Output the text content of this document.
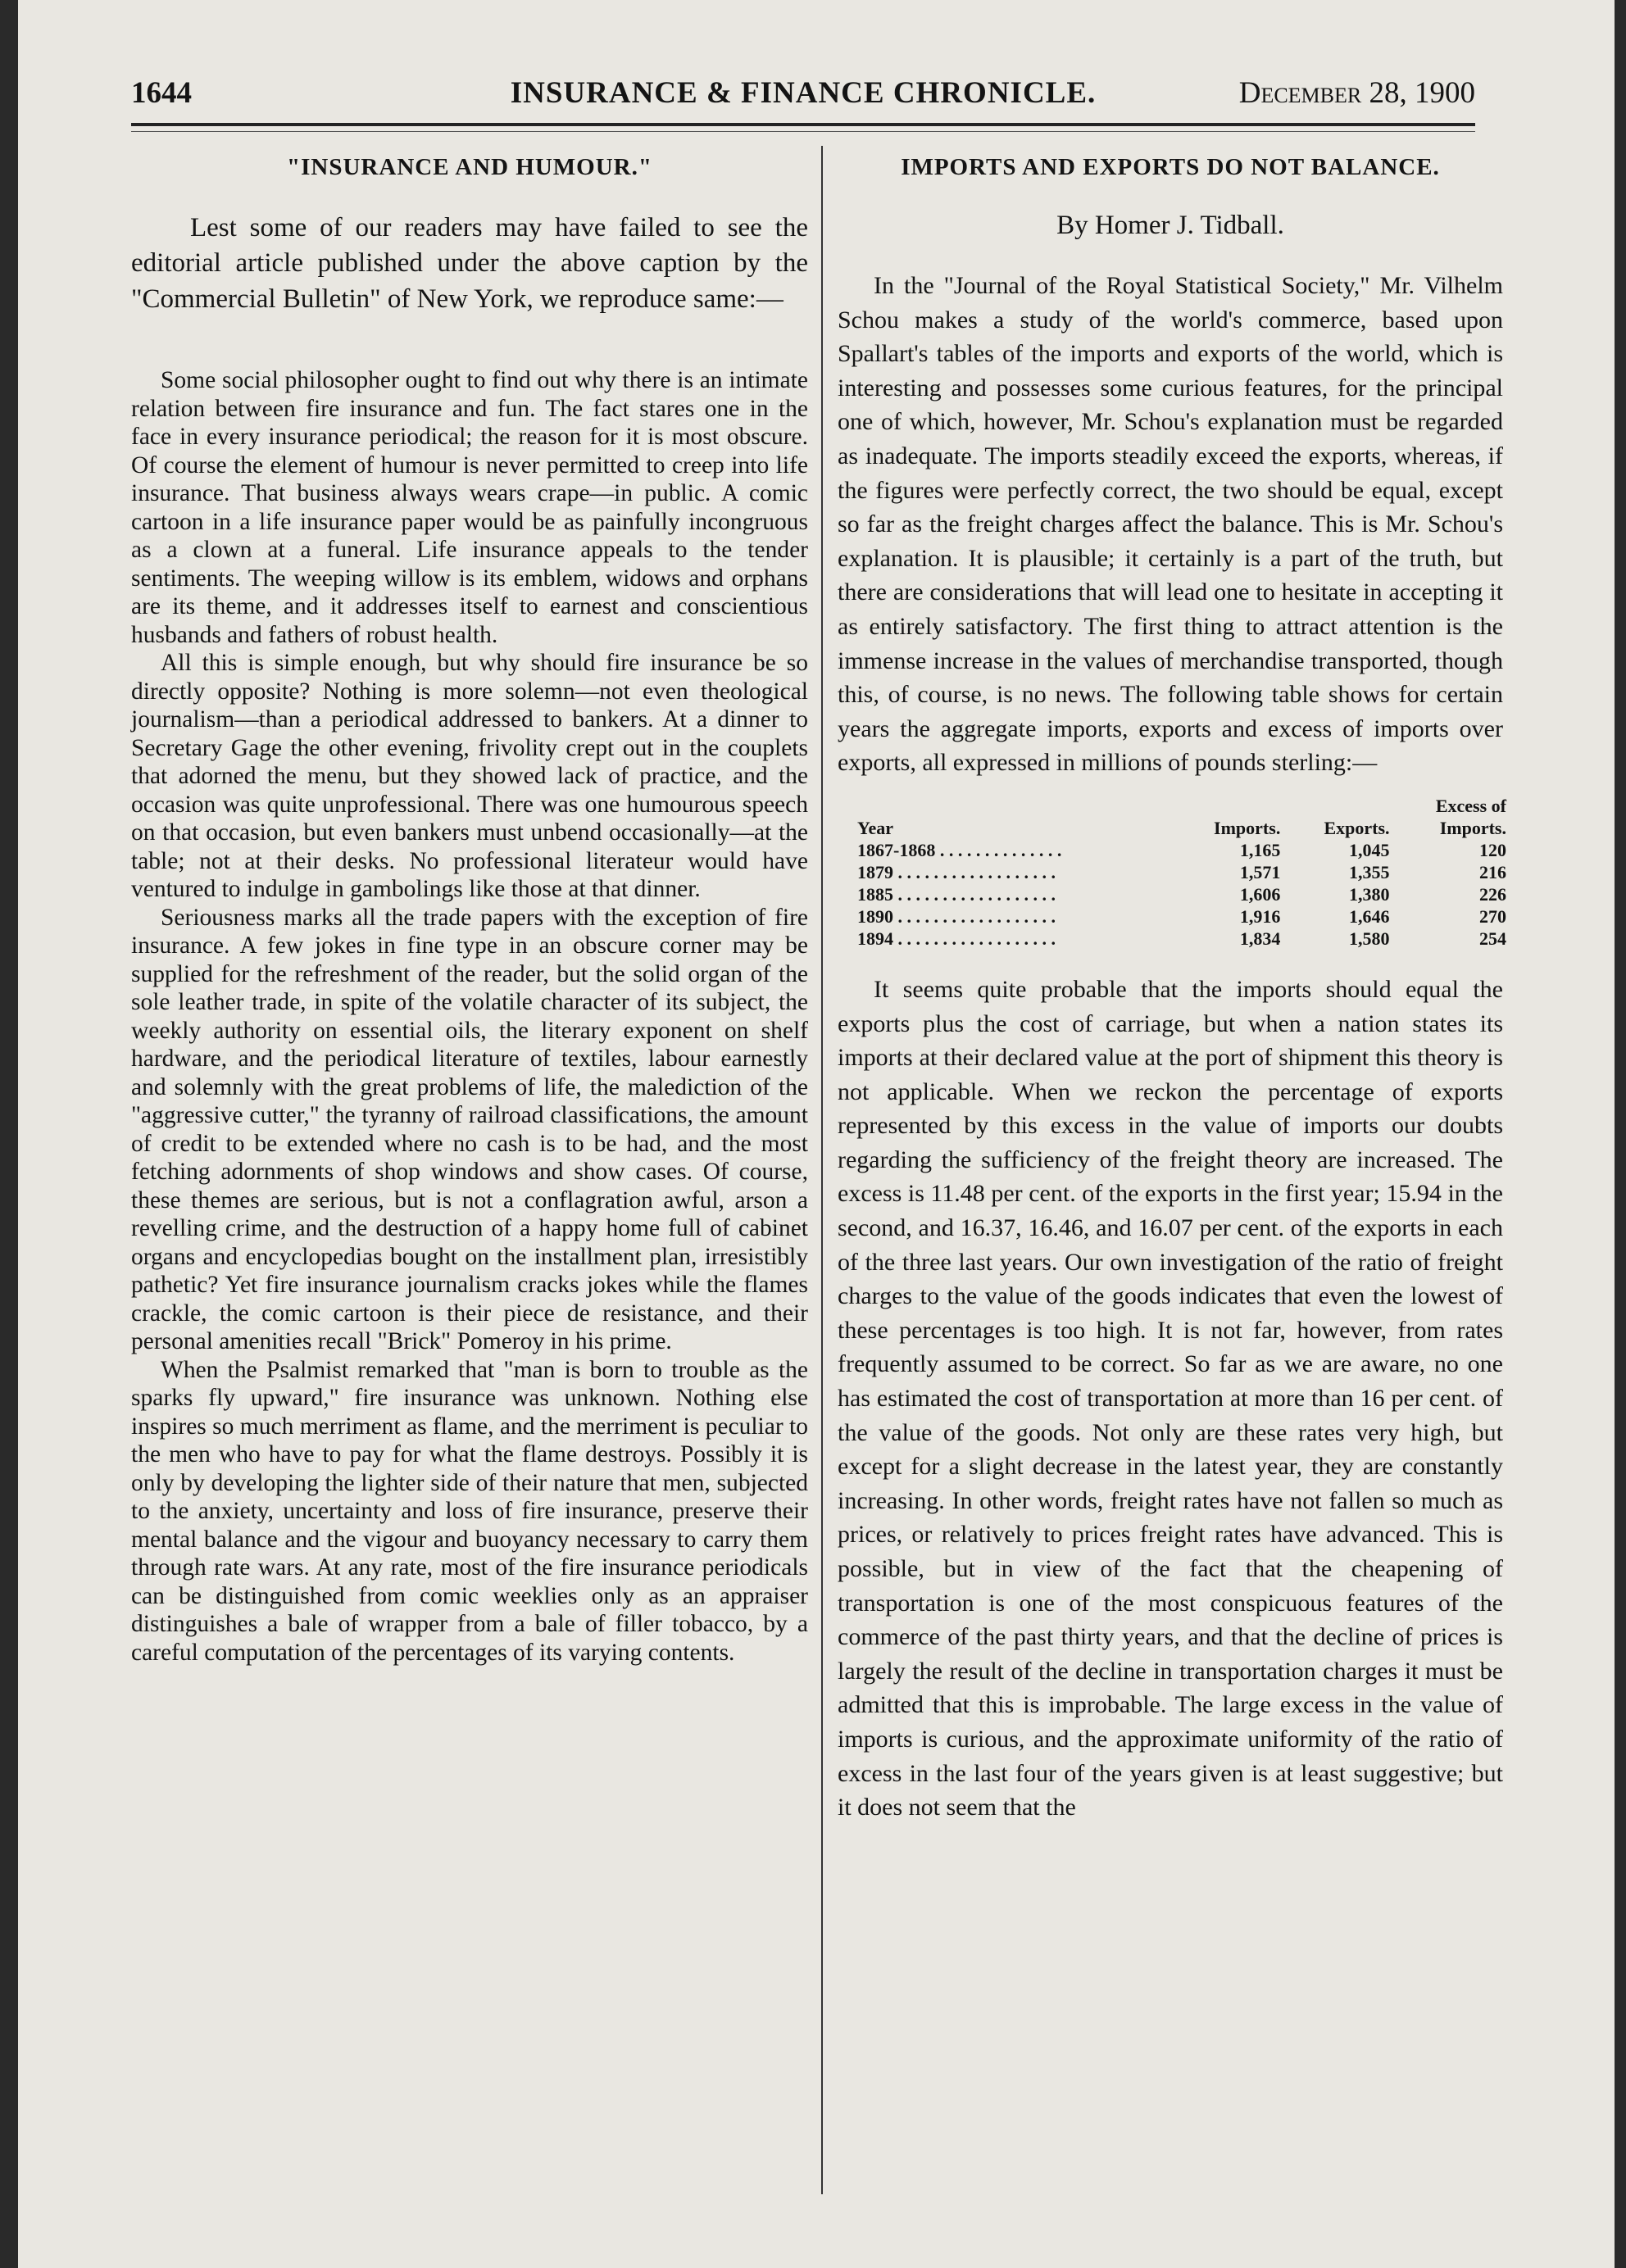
1644	INSURANCE & FINANCE CHRONICLE.	December 28, 1900
"INSURANCE AND HUMOUR."

Lest some of our readers may have failed to see the editorial article published under the above caption by the "Commercial Bulletin" of New York, we reproduce same:—

Some social philosopher ought to find out why there is an intimate relation between fire insurance and fun. The fact stares one in the face in every insurance periodical; the reason for it is most obscure. Of course the element of humour is never permitted to creep into life insurance. That business always wears crape—in public. A comic cartoon in a life insurance paper would be as painfully incongruous as a clown at a funeral. Life insurance appeals to the tender sentiments. The weeping willow is its emblem, widows and orphans are its theme, and it addresses itself to earnest and conscientious husbands and fathers of robust health.

All this is simple enough, but why should fire insurance be so directly opposite? Nothing is more solemn—not even theological journalism—than a periodical addressed to bankers. At a dinner to Secretary Gage the other evening, frivolity crept out in the couplets that adorned the menu, but they showed lack of practice, and the occasion was quite unprofessional. There was one humourous speech on that occasion, but even bankers must unbend occasionally—at the table; not at their desks. No professional literateur would have ventured to indulge in gambolings like those at that dinner.

Seriousness marks all the trade papers with the exception of fire insurance. A few jokes in fine type in an obscure corner may be supplied for the refreshment of the reader, but the solid organ of the sole leather trade, in spite of the volatile character of its subject, the weekly authority on essential oils, the literary exponent on shelf hardware, and the periodical literature of textiles, labour earnestly and solemnly with the great problems of life, the malediction of the "aggressive cutter," the tyranny of railroad classifications, the amount of credit to be extended where no cash is to be had, and the most fetching adornments of shop windows and show cases. Of course, these themes are serious, but is not a conflagration awful, arson a revelling crime, and the destruction of a happy home full of cabinet organs and encyclopedias bought on the installment plan, irresistibly pathetic? Yet fire insurance journalism cracks jokes while the flames crackle, the comic cartoon is their piece de resistance, and their personal amenities recall "Brick" Pomeroy in his prime.

When the Psalmist remarked that "man is born to trouble as the sparks fly upward," fire insurance was unknown. Nothing else inspires so much merriment as flame, and the merriment is peculiar to the men who have to pay for what the flame destroys. Possibly it is only by developing the lighter side of their nature that men, subjected to the anxiety, uncertainty and loss of fire insurance, preserve their mental balance and the vigour and buoyancy necessary to carry them through rate wars. At any rate, most of the fire insurance periodicals can be distinguished from comic weeklies only as an appraiser distinguishes a bale of wrapper from a bale of filler tobacco, by a careful computation of the percentages of its varying contents.

IMPORTS AND EXPORTS DO NOT BALANCE.
By Homer J. Tidball.

In the "Journal of the Royal Statistical Society," Mr. Vilhelm Schou makes a study of the world's commerce, based upon Spallart's tables of the imports and exports of the world, which is interesting and possesses some curious features, for the principal one of which, however, Mr. Schou's explanation must be regarded as inadequate. The imports steadily exceed the exports, whereas, if the figures were perfectly correct, the two should be equal, except so far as the freight charges affect the balance. This is Mr. Schou's explanation. It is plausible; it certainly is a part of the truth, but there are considerations that will lead one to hesitate in accepting it as entirely satisfactory. The first thing to attract attention is the immense increase in the values of merchandise transported, though this, of course, is no news. The following table shows for certain years the aggregate imports, exports and excess of imports over exports, all expressed in millions of pounds sterling:—

			Excess of
Year	Imports.	Exports.	Imports.
1867-1868 . . . . . . . . . . . . . .	1,165	1,045	120
1879 . . . . . . . . . . . . . . . . . .	1,571	1,355	216
1885 . . . . . . . . . . . . . . . . . .	1,606	1,380	226
1890 . . . . . . . . . . . . . . . . . .	1,916	1,646	270
1894 . . . . . . . . . . . . . . . . . .	1,834	1,580	254

It seems quite probable that the imports should equal the exports plus the cost of carriage, but when a nation states its imports at their declared value at the port of shipment this theory is not applicable. When we reckon the percentage of exports represented by this excess in the value of imports our doubts regarding the sufficiency of the freight theory are increased. The excess is 11.48 per cent. of the exports in the first year; 15.94 in the second, and 16.37, 16.46, and 16.07 per cent. of the exports in each of the three last years. Our own investigation of the ratio of freight charges to the value of the goods indicates that even the lowest of these percentages is too high. It is not far, however, from rates frequently assumed to be correct. So far as we are aware, no one has estimated the cost of transportation at more than 16 per cent. of the value of the goods. Not only are these rates very high, but except for a slight decrease in the latest year, they are constantly increasing. In other words, freight rates have not fallen so much as prices, or relatively to prices freight rates have advanced. This is possible, but in view of the fact that the cheapening of transportation is one of the most conspicuous features of the commerce of the past thirty years, and that the decline of prices is largely the result of the decline in transportation charges it must be admitted that this is improbable. The large excess in the value of imports is curious, and the approximate uniformity of the ratio of excess in the last four of the years given is at least suggestive; but it does not seem that the
